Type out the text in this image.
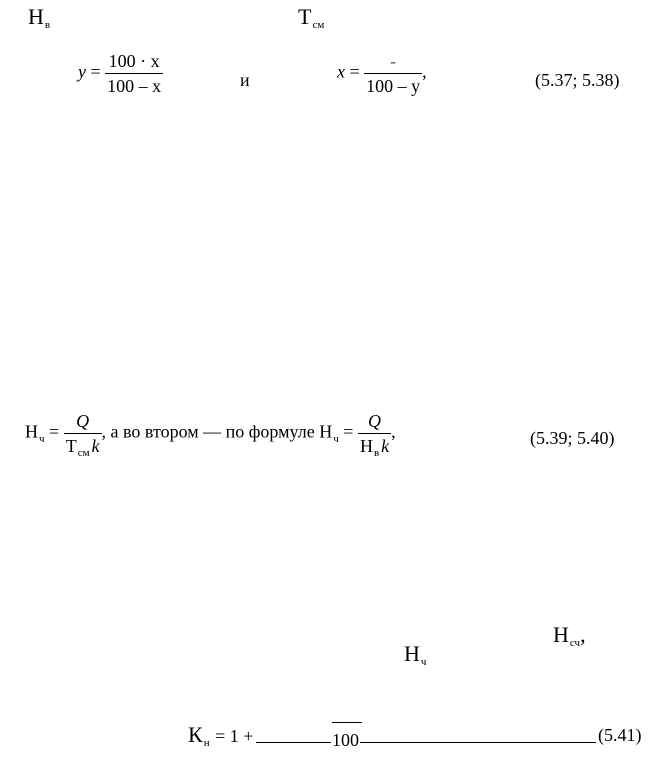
Нв	Тсм
$y = \frac{100 \cdot x}{100 - x}$	и	$x = \frac{-}{100 - y}$ ,	(5.37; 5.38)
$Н_ч = \frac{Q}{Т_{см} k}$ , а во втором — по формуле $Н_ч = \frac{Q}{Н_в k}$ ,	(5.39; 5.40)
Нсч,
Нч
Кн = 1 +	100	(5.41)
